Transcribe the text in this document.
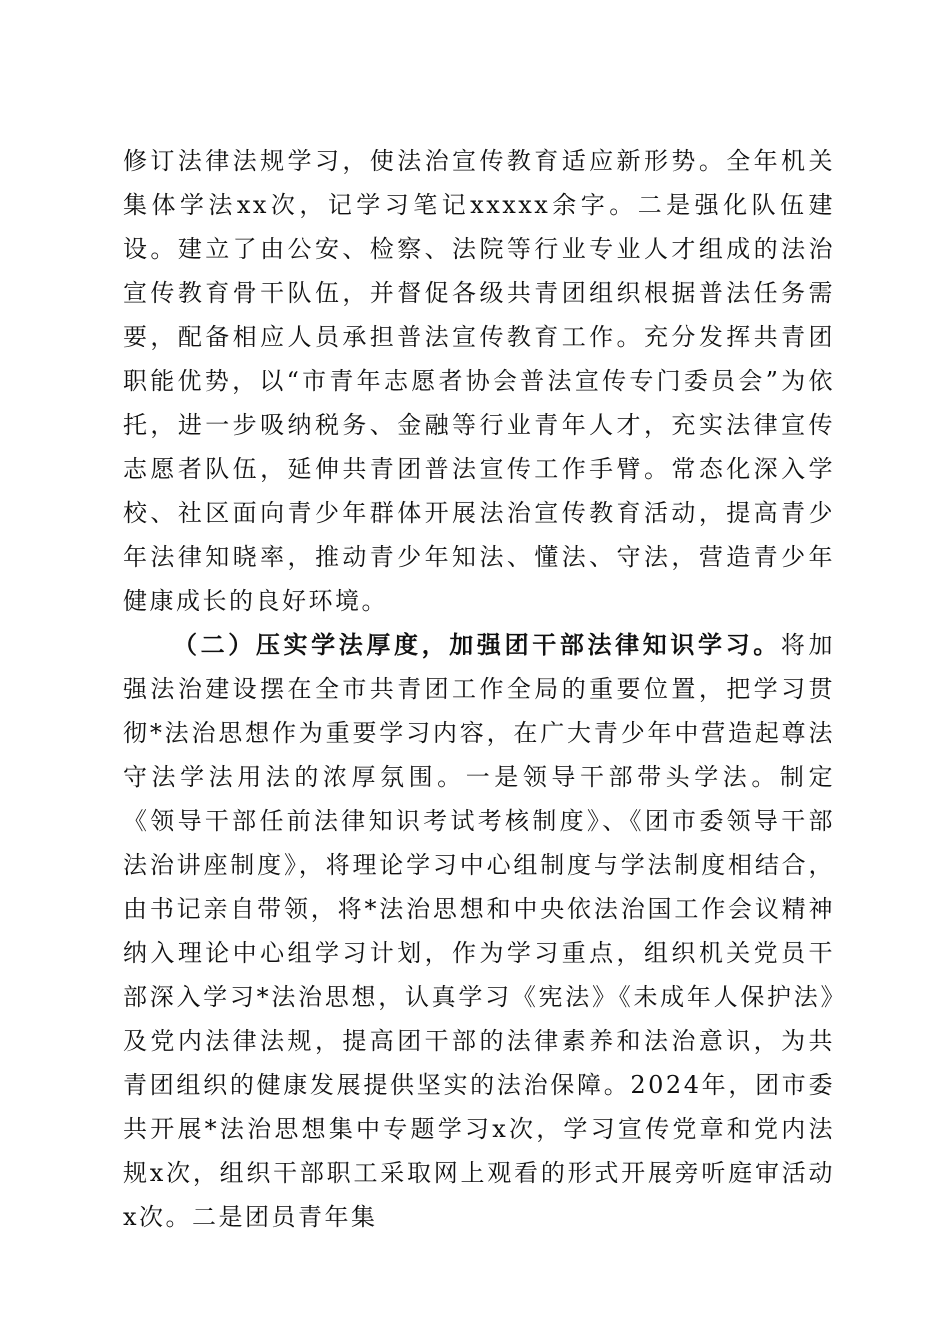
修订法律法规学习，使法治宣传教育适应新形势。全年机关集体学法xx次，记学习笔记xxxxx余字。二是强化队伍建设。建立了由公安、检察、法院等行业专业人才组成的法治宣传教育骨干队伍，并督促各级共青团组织根据普法任务需要，配备相应人员承担普法宣传教育工作。充分发挥共青团职能优势，以“市青年志愿者协会普法宣传专门委员会”为依托，进一步吸纳税务、金融等行业青年人才，充实法律宣传志愿者队伍，延伸共青团普法宣传工作手臂。常态化深入学校、社区面向青少年群体开展法治宣传教育活动，提高青少年法律知晓率，推动青少年知法、懂法、守法，营造青少年健康成长的良好环境。

（二）压实学法厚度，加强团干部法律知识学习。将加强法治建设摆在全市共青团工作全局的重要位置，把学习贯彻*法治思想作为重要学习内容，在广大青少年中营造起尊法守法学法用法的浓厚氛围。一是领导干部带头学法。制定《领导干部任前法律知识考试考核制度》、《团市委领导干部法治讲座制度》，将理论学习中心组制度与学法制度相结合，由书记亲自带领，将*法治思想和中央依法治国工作会议精神纳入理论中心组学习计划，作为学习重点，组织机关党员干部深入学习*法治思想，认真学习《宪法》《未成年人保护法》及党内法律法规，提高团干部的法律素养和法治意识，为共青团组织的健康发展提供坚实的法治保障。2024年，团市委共开展*法治思想集中专题学习x次，学习宣传党章和党内法规x次，组织干部职工采取网上观看的形式开展旁听庭审活动x次。二是团员青年集
